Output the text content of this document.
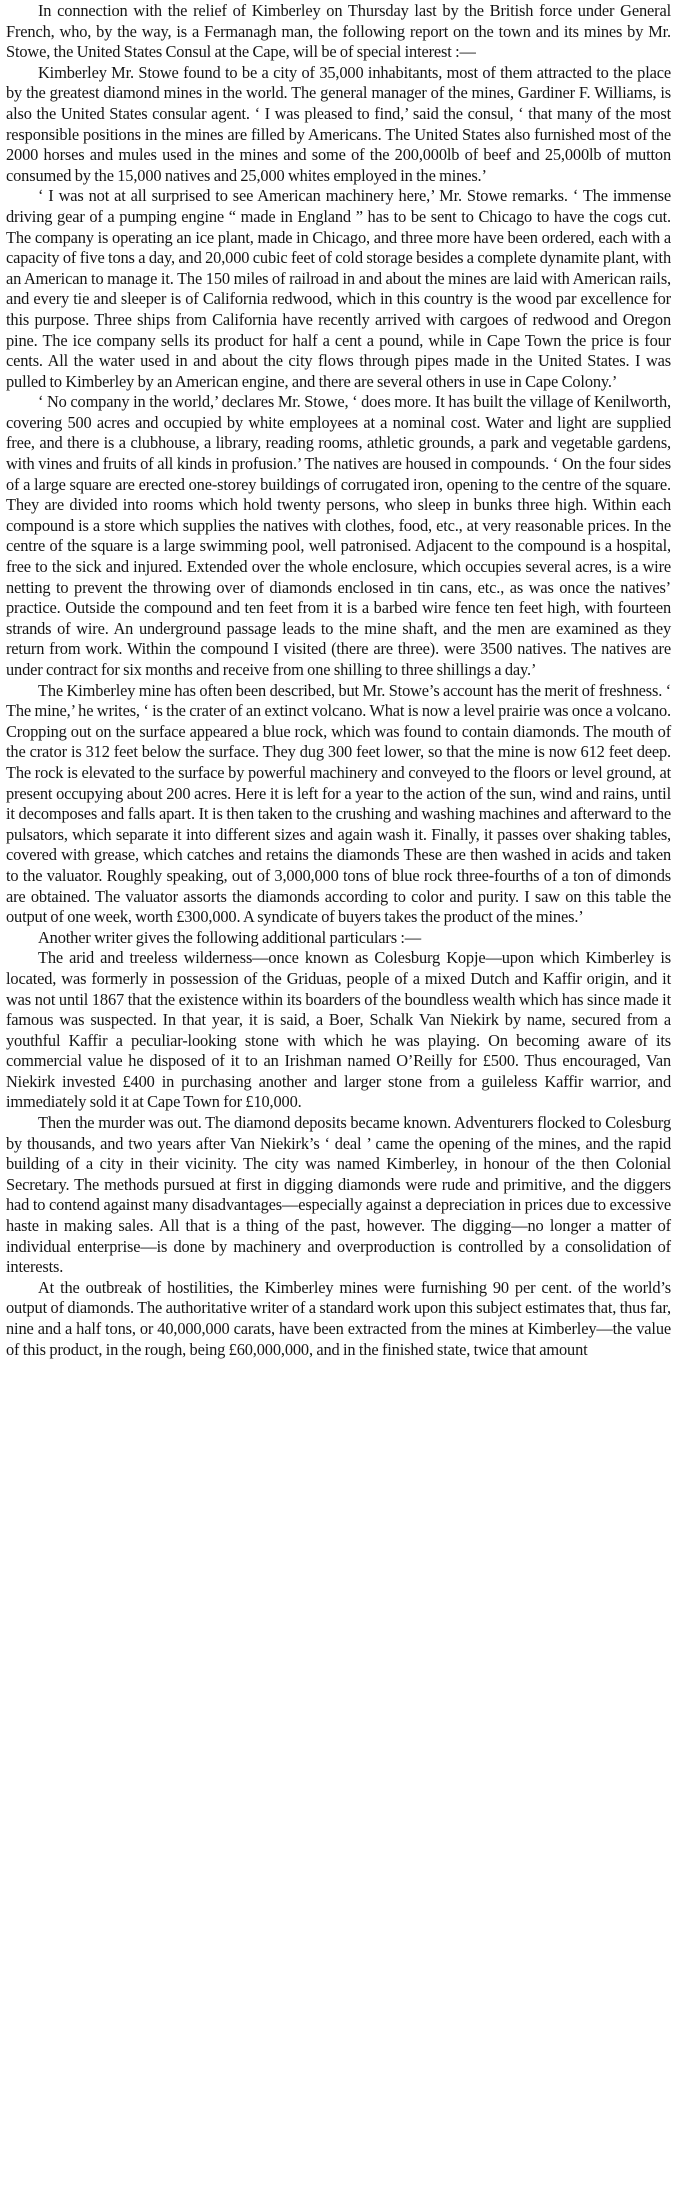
In connection with the relief of Kimberley on Thursday last by the British force under General French, who, by the way, is a Fermanagh man, the following report on the town and its mines by Mr. Stowe, the United States Consul at the Cape, will be of special interest :—

Kimberley Mr. Stowe found to be a city of 35,000 inhabitants, most of them attracted to the place by the greatest diamond mines in the world. The general manager of the mines, Gardiner F. Williams, is also the United States consular agent. ‘ I was pleased to find,’ said the consul, ‘ that many of the most responsible positions in the mines are filled by Americans. The United States also furnished most of the 2000 horses and mules used in the mines and some of the 200,000lb of beef and 25,000lb of mutton consumed by the 15,000 natives and 25,000 whites employed in the mines.’

‘ I was not at all surprised to see American machinery here,’ Mr. Stowe remarks. ‘ The immense driving gear of a pumping engine “ made in England ” has to be sent to Chicago to have the cogs cut. The company is operating an ice plant, made in Chicago, and three more have been ordered, each with a capacity of five tons a day, and 20,000 cubic feet of cold storage besides a complete dynamite plant, with an American to manage it. The 150 miles of railroad in and about the mines are laid with American rails, and every tie and sleeper is of California redwood, which in this country is the wood par excellence for this purpose. Three ships from California have recently arrived with cargoes of redwood and Oregon pine. The ice company sells its product for half a cent a pound, while in Cape Town the price is four cents. All the water used in and about the city flows through pipes made in the United States. I was pulled to Kimberley by an American engine, and there are several others in use in Cape Colony.’

‘ No company in the world,’ declares Mr. Stowe, ‘ does more. It has built the village of Kenilworth, covering 500 acres and occupied by white employees at a nominal cost. Water and light are supplied free, and there is a clubhouse, a library, reading rooms, athletic grounds, a park and vegetable gardens, with vines and fruits of all kinds in profusion.’ The natives are housed in compounds. ‘ On the four sides of a large square are erected one-storey buildings of corrugated iron, opening to the centre of the square. They are divided into rooms which hold twenty persons, who sleep in bunks three high. Within each compound is a store which supplies the natives with clothes, food, etc., at very reasonable prices. In the centre of the square is a large swimming pool, well patronised. Adjacent to the compound is a hospital, free to the sick and injured. Extended over the whole enclosure, which occupies several acres, is a wire netting to prevent the throwing over of diamonds enclosed in tin cans, etc., as was once the natives’ practice. Outside the compound and ten feet from it is a barbed wire fence ten feet high, with fourteen strands of wire. An underground passage leads to the mine shaft, and the men are examined as they return from work. Within the compound I visited (there are three). were 3500 natives. The natives are under contract for six months and receive from one shilling to three shillings a day.’

The Kimberley mine has often been described, but Mr. Stowe’s account has the merit of freshness. ‘ The mine,’ he writes, ‘ is the crater of an extinct volcano. What is now a level prairie was once a volcano. Cropping out on the surface appeared a blue rock, which was found to contain diamonds. The mouth of the crator is 312 feet below the surface. They dug 300 feet lower, so that the mine is now 612 feet deep. The rock is elevated to the surface by powerful machinery and conveyed to the floors or level ground, at present occupying about 200 acres. Here it is left for a year to the action of the sun, wind and rains, until it decomposes and falls apart. It is then taken to the crushing and washing machines and afterward to the pulsators, which separate it into different sizes and again wash it. Finally, it passes over shaking tables, covered with grease, which catches and retains the diamonds These are then washed in acids and taken to the valuator. Roughly speaking, out of 3,000,000 tons of blue rock three-fourths of a ton of dimonds are obtained. The valuator assorts the diamonds according to color and purity. I saw on this table the output of one week, worth £300,000. A syndicate of buyers takes the product of the mines.’

Another writer gives the following additional particulars :—

The arid and treeless wilderness—once known as Colesburg Kopje—upon which Kimberley is located, was formerly in possession of the Griduas, people of a mixed Dutch and Kaffir origin, and it was not until 1867 that the existence within its boarders of the boundless wealth which has since made it famous was suspected. In that year, it is said, a Boer, Schalk Van Niekirk by name, secured from a youthful Kaffir a peculiar-looking stone with which he was playing. On becoming aware of its commercial value he disposed of it to an Irishman named O’Reilly for £500. Thus encouraged, Van Niekirk invested £400 in purchasing another and larger stone from a guileless Kaffir warrior, and immediately sold it at Cape Town for £10,000.

Then the murder was out. The diamond deposits became known. Adventurers flocked to Colesburg by thousands, and two years after Van Niekirk’s ‘ deal ’ came the opening of the mines, and the rapid building of a city in their vicinity. The city was named Kimberley, in honour of the then Colonial Secretary. The methods pursued at first in digging diamonds were rude and primitive, and the diggers had to contend against many disadvantages—especially against a depreciation in prices due to excessive haste in making sales. All that is a thing of the past, however. The digging—no longer a matter of individual enterprise—is done by machinery and overproduction is controlled by a consolidation of interests.

At the outbreak of hostilities, the Kimberley mines were furnishing 90 per cent. of the world’s output of diamonds. The authoritative writer of a standard work upon this subject estimates that, thus far, nine and a half tons, or 40,000,000 carats, have been extracted from the mines at Kimberley—the value of this product, in the rough, being £60,000,000, and in the finished state, twice that amount
